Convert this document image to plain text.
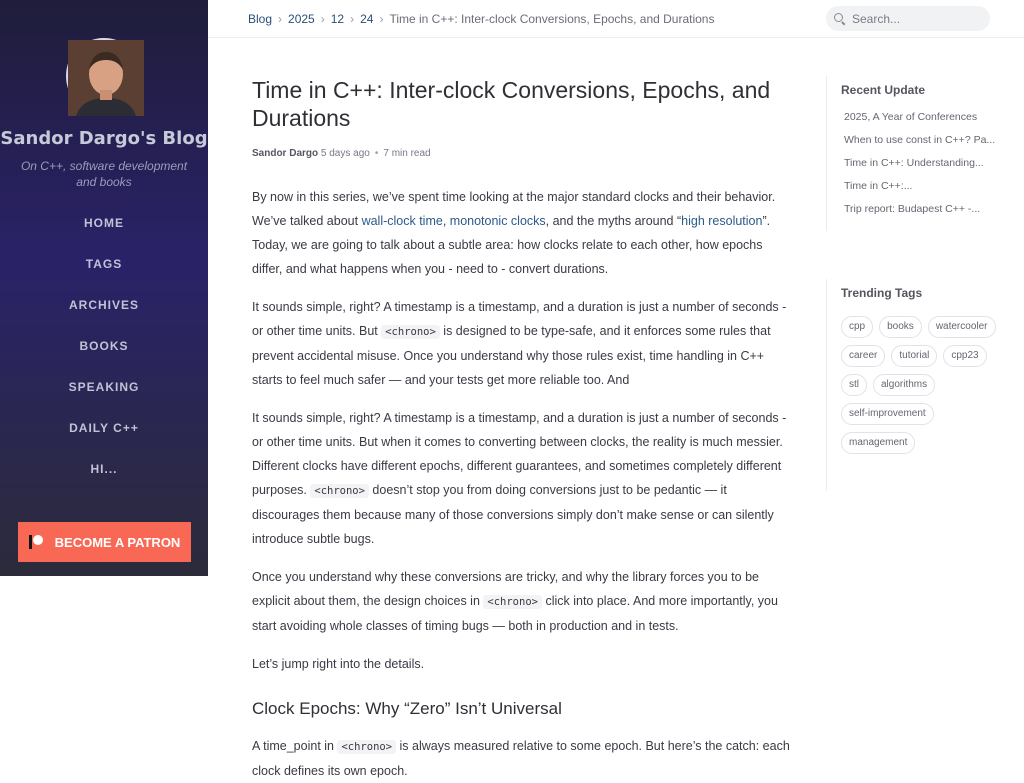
Sandor Dargo's Blog
On C++, software development and books
HOME
TAGS
ARCHIVES
BOOKS
SPEAKING
DAILY C++
HI...
BECOME A PATRON
Blog › 2025 › 12 › 24 › Time in C++: Inter-clock Conversions, Epochs, and Durations
Search...
Time in C++: Inter-clock Conversions, Epochs, and Durations
Sandor Dargo 5 days ago • 7 min read

By now in this series, we’ve spent time looking at the major standard clocks and their behavior. We’ve talked about wall-clock time, monotonic clocks, and the myths around “high resolution”. Today, we are going to talk about a subtle area: how clocks relate to each other, how epochs differ, and what happens when you - need to - convert durations.

It sounds simple, right? A timestamp is a timestamp, and a duration is just a number of seconds - or other time units. But <chrono> is designed to be type-safe, and it enforces some rules that prevent accidental misuse. Once you understand why those rules exist, time handling in C++ starts to feel much safer — and your tests get more reliable too. And

It sounds simple, right? A timestamp is a timestamp, and a duration is just a number of seconds - or other time units. But when it comes to converting between clocks, the reality is much messier. Different clocks have different epochs, different guarantees, and sometimes completely different purposes. <chrono> doesn’t stop you from doing conversions just to be pedantic — it discourages them because many of those conversions simply don’t make sense or can silently introduce subtle bugs.

Once you understand why these conversions are tricky, and why the library forces you to be explicit about them, the design choices in <chrono> click into place. And more importantly, you start avoiding whole classes of timing bugs — both in production and in tests.

Let’s jump right into the details.

Clock Epochs: Why “Zero” Isn’t Universal

A time_point in <chrono> is always measured relative to some epoch. But here’s the catch: each clock defines its own epoch.

Recent Update
2025, A Year of Conferences
When to use const in C++? Pa...
Time in C++: Understanding...
Time in C++:...
Trip report: Budapest C++ -...
Trending Tags
cpp	books	watercooler
career	tutorial	cpp23
stl	algorithms
self-improvement
management
